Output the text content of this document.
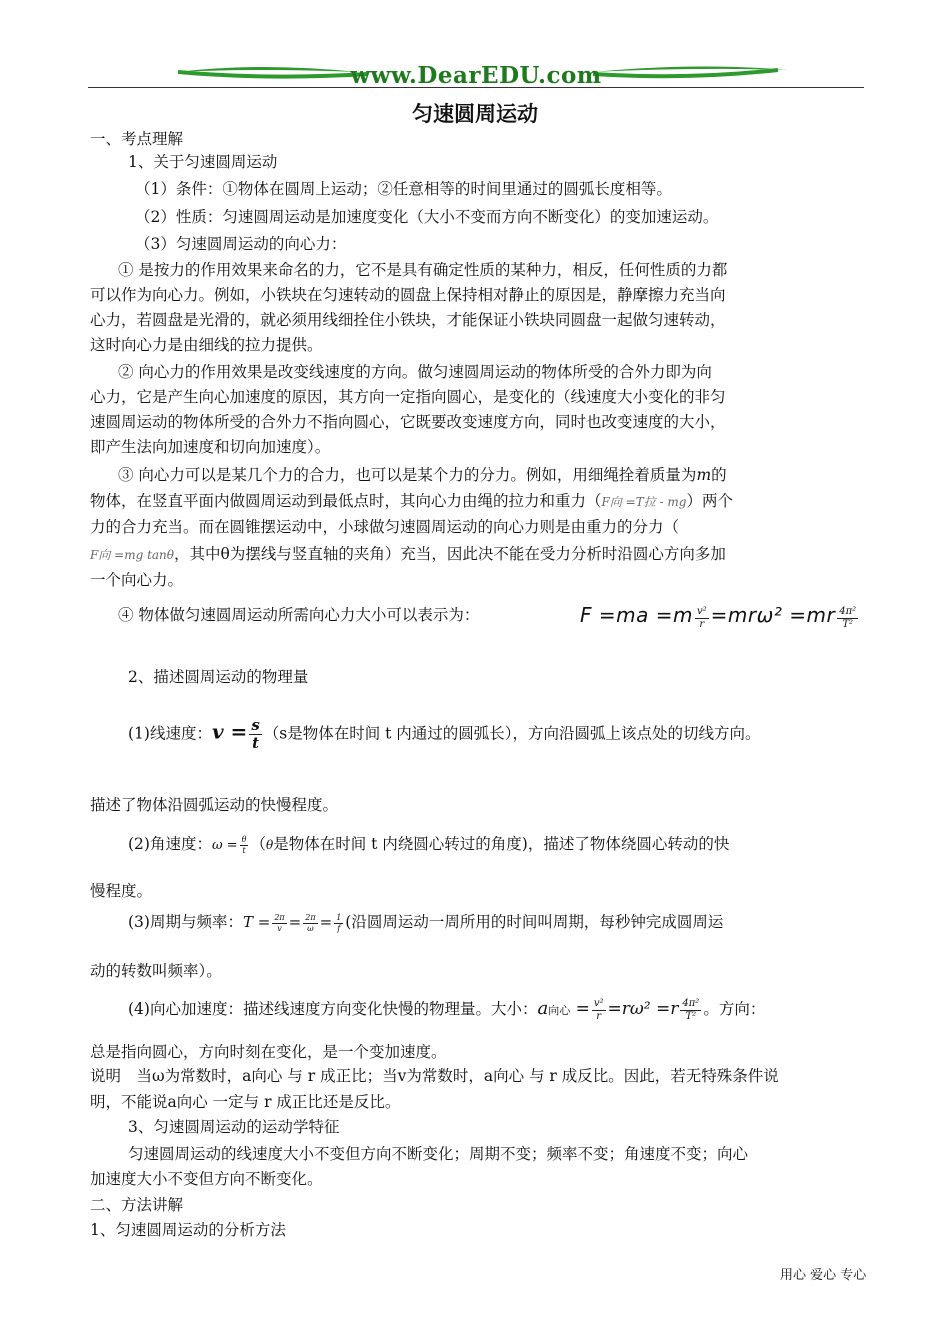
www.DearEDU.com
匀速圆周运动
一、考点理解
1、关于匀速圆周运动
（1）条件：①物体在圆周上运动；②任意相等的时间里通过的圆弧长度相等。
（2）性质：匀速圆周运动是加速度变化（大小不变而方向不断变化）的变加速运动。
（3）匀速圆周运动的向心力：
① 是按力的作用效果来命名的力，它不是具有确定性质的某种力，相反，任何性质的力都
可以作为向心力。例如，小铁块在匀速转动的圆盘上保持相对静止的原因是，静摩擦力充当向
心力，若圆盘是光滑的，就必须用线细拴住小铁块，才能保证小铁块同圆盘一起做匀速转动，
这时向心力是由细线的拉力提供。
② 向心力的作用效果是改变线速度的方向。做匀速圆周运动的物体所受的合外力即为向
心力，它是产生向心加速度的原因，其方向一定指向圆心，是变化的（线速度大小变化的非匀
速圆周运动的物体所受的合外力不指向圆心，它既要改变速度方向，同时也改变速度的大小，
即产生法向加速度和切向加速度）。
③ 向心力可以是某几个力的合力，也可以是某个力的分力。例如，用细绳拴着质量为m的
物体，在竖直平面内做圆周运动到最低点时，其向心力由绳的拉力和重力（F向 =T拉 - mg）两个
力的合力充当。而在圆锥摆运动中，小球做匀速圆周运动的向心力则是由重力的分力（
F向 =mg tanθ，其中θ为摆线与竖直轴的夹角）充当，因此决不能在受力分析时沿圆心方向多加
一个向心力。
④ 物体做匀速圆周运动所需向心力大小可以表示为：	$F =ma =m \frac{\text{v²}}{r} =mr\omega^2 =mr \frac{\text{4π²}}{\text{T²}}$
2、描述圆周运动的物理量
(1)线速度：$v = \frac{s}{t} (s$是物体在时间 t 内通过的圆弧长），方向沿圆弧上该点处的切线方向。
描述了物体沿圆弧运动的快慢程度。
(2)角速度：$\omega = \frac{\theta}{t} (\theta$是物体在时间 t 内绕圆心转过的角度)，描述了物体绕圆心转动的快
慢程度。
(3)周期与频率：$T = \frac{2\pi}{v} = \frac{2\pi}{\omega} = \frac{1}{f}$ (沿圆周运动一周所用的时间叫周期，每秒钟完成圆周运
动的转数叫频率）。
(4)向心加速度：描述线速度方向变化快慢的物理量。大小：a向心 = $\frac{\text{v²}}{r} =r\omega^2 =r \frac{\text{4π²}}{\text{T²}}$ 。方向：
总是指向圆心，方向时刻在变化，是一个变加速度。
说明　当ω为常数时，a向心 与 r 成正比；当v为常数时，a向心 与 r 成反比。因此，若无特殊条件说
明，不能说a向心 一定与 r 成正比还是反比。
3、匀速圆周运动的运动学特征
匀速圆周运动的线速度大小不变但方向不断变化；周期不变；频率不变；角速度不变；向心
加速度大小不变但方向不断变化。
二、方法讲解
1、匀速圆周运动的分析方法
用心 爱心 专心
